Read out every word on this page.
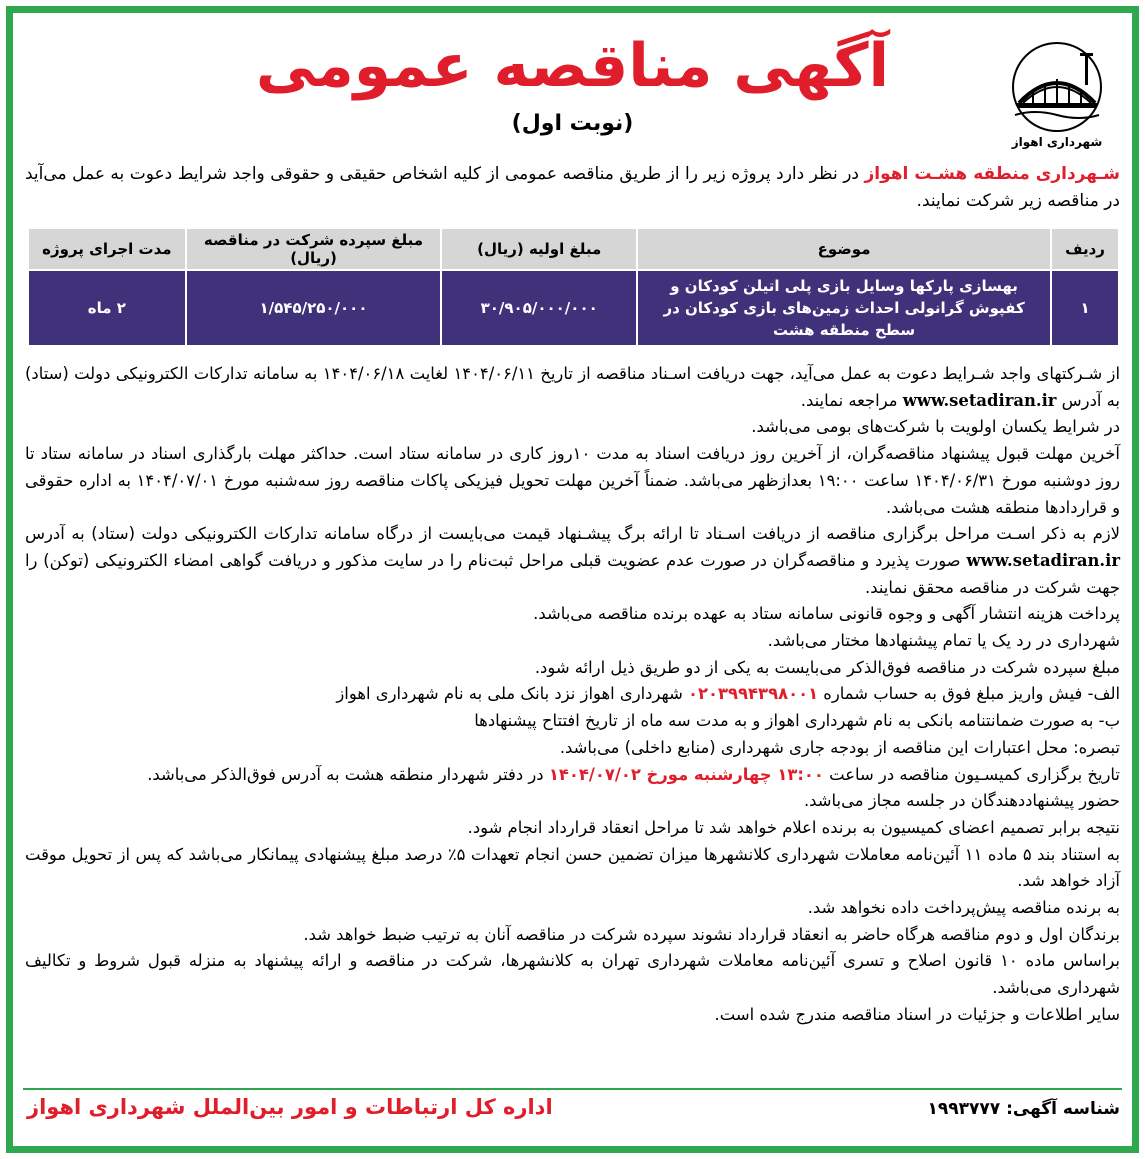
شهرداری اهواز
آگهی مناقصه عمومی
(نوبت اول)
شـهرداری منطقه هشـت اهواز در نظر دارد پروژه زیر را از طریق مناقصه عمومی از کلیه اشخاص حقیقی و حقوقی واجد شرایط دعوت به عمل می‌آید در مناقصه زیر شرکت نمایند.
ردیف	موضوع	مبلغ اولیه (ریال)	مبلغ سپرده شرکت در مناقصه (ریال)	مدت اجرای پروژه
۱	بهسازی پارکها وسایل بازی پلی اتیلن کودکان و کفپوش گرانولی احداث زمین‌های بازی کودکان در سطح منطقه هشت	۳۰/۹۰۵/۰۰۰/۰۰۰	۱/۵۴۵/۲۵۰/۰۰۰	۲ ماه

از شـرکتهای واجد شـرایط دعوت به عمل می‌آید، جهت دریافت اسـناد مناقصه از تاریخ ۱۴۰۴/۰۶/۱۱ لغایت ۱۴۰۴/۰۶/۱۸ به سامانه تدارکات الکترونیکی دولت (ستاد) به آدرس www.setadiran.ir مراجعه نمایند.

در شرایط یکسان اولویت با شرکت‌های بومی می‌باشد.

آخرین مهلت قبول پیشنهاد مناقصه‌گران، از آخرین روز دریافت اسناد به مدت ۱۰روز کاری در سامانه ستاد است. حداکثر مهلت بارگذاری اسناد در سامانه ستاد تا روز دوشنبه مورخ ۱۴۰۴/۰۶/۳۱ ساعت ۱۹:۰۰ بعدازظهر می‌باشد. ضمناً آخرین مهلت تحویل فیزیکی پاکات مناقصه روز سه‌شنبه مورخ ۱۴۰۴/۰۷/۰۱ به اداره حقوقی و قراردادها منطقه هشت می‌باشد.

لازم به ذکر اسـت مراحل برگزاری مناقصه از دریافت اسـناد تا ارائه برگ پیشـنهاد قیمت می‌بایست از درگاه سامانه تدارکات الکترونیکی دولت (ستاد) به آدرس www.setadiran.ir صورت پذیرد و مناقصه‌گران در صورت عدم عضویت قبلی مراحل ثبت‌نام را در سایت مذکور و دریافت گواهی امضاء الکترونیکی (توکن) را جهت شرکت در مناقصه محقق نمایند.

پرداخت هزینه انتشار آگهی و وجوه قانونی سامانه ستاد به عهده برنده مناقصه می‌باشد.

شهرداری در رد یک یا تمام پیشنهادها مختار می‌باشد.

مبلغ سپرده شرکت در مناقصه فوق‌الذکر می‌بایست به یکی از دو طریق ذیل ارائه شود.

الف- فیش واریز مبلغ فوق به حساب شماره ۰۲۰۳۹۹۴۳۹۸۰۰۱ شهرداری اهواز نزد بانک ملی به نام شهرداری اهواز

ب- به صورت ضمانتنامه بانکی به نام شهرداری اهواز و به مدت سه ماه از تاریخ افتتاح پیشنهادها

تبصره: محل اعتبارات این مناقصه از بودجه جاری شهرداری (منابع داخلی) می‌باشد.

تاریخ برگزاری کمیسـیون مناقصه در ساعت ۱۳:۰۰ چهارشنبه مورخ ۱۴۰۴/۰۷/۰۲ در دفتر شهردار منطقه هشت به آدرس فوق‌الذکر می‌باشد.

حضور پیشنهاددهندگان در جلسه مجاز می‌باشد.

نتیجه برابر تصمیم اعضای کمیسیون به برنده اعلام خواهد شد تا مراحل انعقاد قرارداد انجام شود.

به استناد بند ۵ ماده ۱۱ آئین‌نامه معاملات شهرداری کلانشهرها میزان تضمین حسن انجام تعهدات ۵٪ درصد مبلغ پیشنهادی پیمانکار می‌باشد که پس از تحویل موقت آزاد خواهد شد.

به برنده مناقصه پیش‌پرداخت داده نخواهد شد.

برندگان اول و دوم مناقصه هرگاه حاضر به انعقاد قرارداد نشوند سپرده شرکت در مناقصه آنان به ترتیب ضبط خواهد شد.

براساس ماده ۱۰ قانون اصلاح و تسری آئین‌نامه معاملات شهرداری تهران به کلانشهرها، شرکت در مناقصه و ارائه پیشنهاد به منزله قبول شروط و تکالیف شهرداری می‌باشد.

سایر اطلاعات و جزئیات در اسناد مناقصه مندرج شده است.

شناسه آگهی: ۱۹۹۳۷۷۷
اداره کل ارتباطات و امور بین‌الملل شهرداری اهواز
